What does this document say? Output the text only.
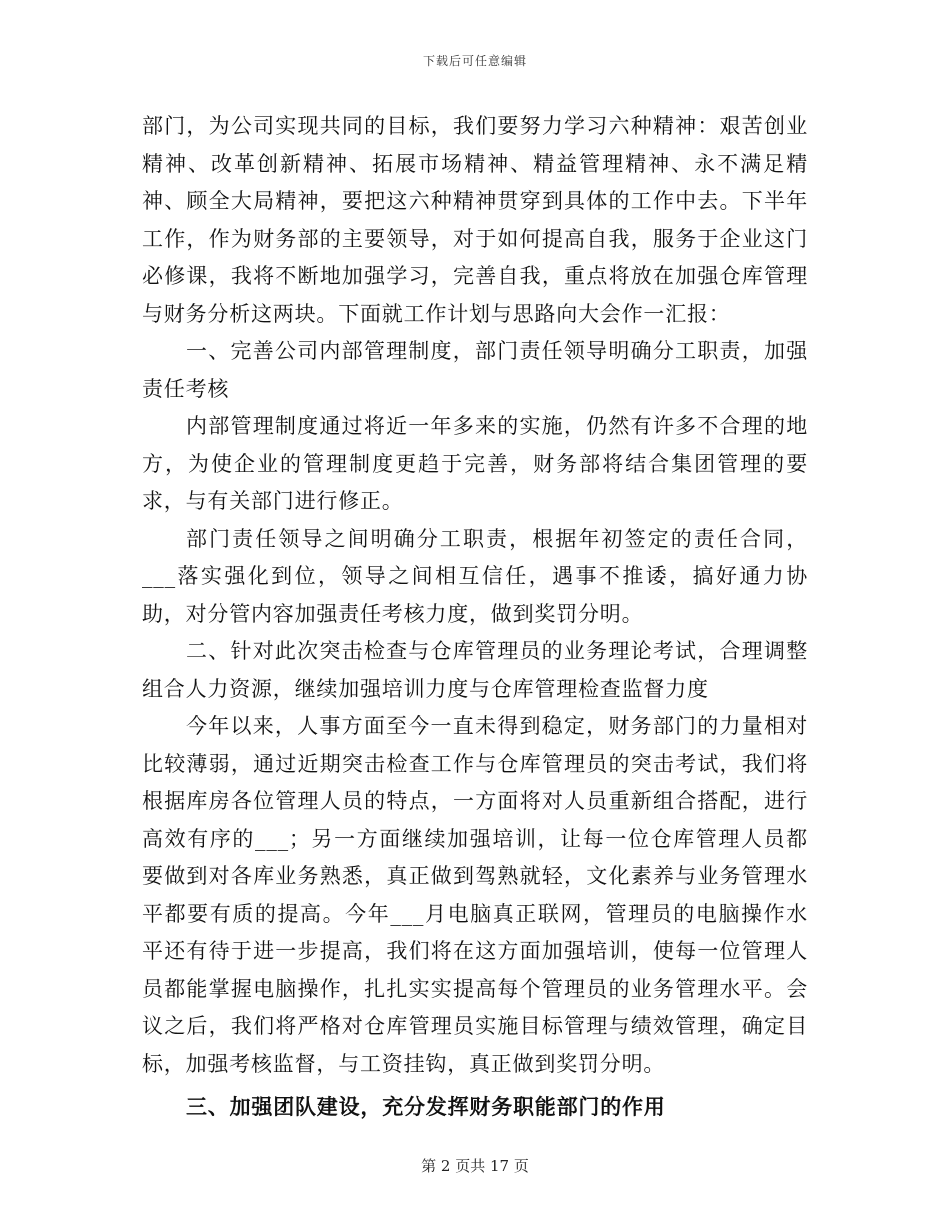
下载后可任意编辑

部门，为公司实现共同的目标，我们要努力学习六种精神：艰苦创业精神、改革创新精神、拓展市场精神、精益管理精神、永不满足精神、顾全大局精神，要把这六种精神贯穿到具体的工作中去。下半年工作，作为财务部的主要领导，对于如何提高自我，服务于企业这门必修课，我将不断地加强学习，完善自我，重点将放在加强仓库管理与财务分析这两块。下面就工作计划与思路向大会作一汇报：

一、完善公司内部管理制度，部门责任领导明确分工职责，加强责任考核

内部管理制度通过将近一年多来的实施，仍然有许多不合理的地方，为使企业的管理制度更趋于完善，财务部将结合集团管理的要求，与有关部门进行修正。

部门责任领导之间明确分工职责，根据年初签定的责任合同，___落实强化到位，领导之间相互信任，遇事不推诿，搞好通力协助，对分管内容加强责任考核力度，做到奖罚分明。

二、针对此次突击检查与仓库管理员的业务理论考试，合理调整组合人力资源，继续加强培训力度与仓库管理检查监督力度

今年以来，人事方面至今一直未得到稳定，财务部门的力量相对比较薄弱，通过近期突击检查工作与仓库管理员的突击考试，我们将根据库房各位管理人员的特点，一方面将对人员重新组合搭配，进行高效有序的___；另一方面继续加强培训，让每一位仓库管理人员都要做到对各库业务熟悉，真正做到驾熟就轻，文化素养与业务管理水平都要有质的提高。今年___月电脑真正联网，管理员的电脑操作水平还有待于进一步提高，我们将在这方面加强培训，使每一位管理人员都能掌握电脑操作，扎扎实实提高每个管理员的业务管理水平。会议之后，我们将严格对仓库管理员实施目标管理与绩效管理，确定目标，加强考核监督，与工资挂钩，真正做到奖罚分明。

三、加强团队建设，充分发挥财务职能部门的作用

第 2 页共 17 页
